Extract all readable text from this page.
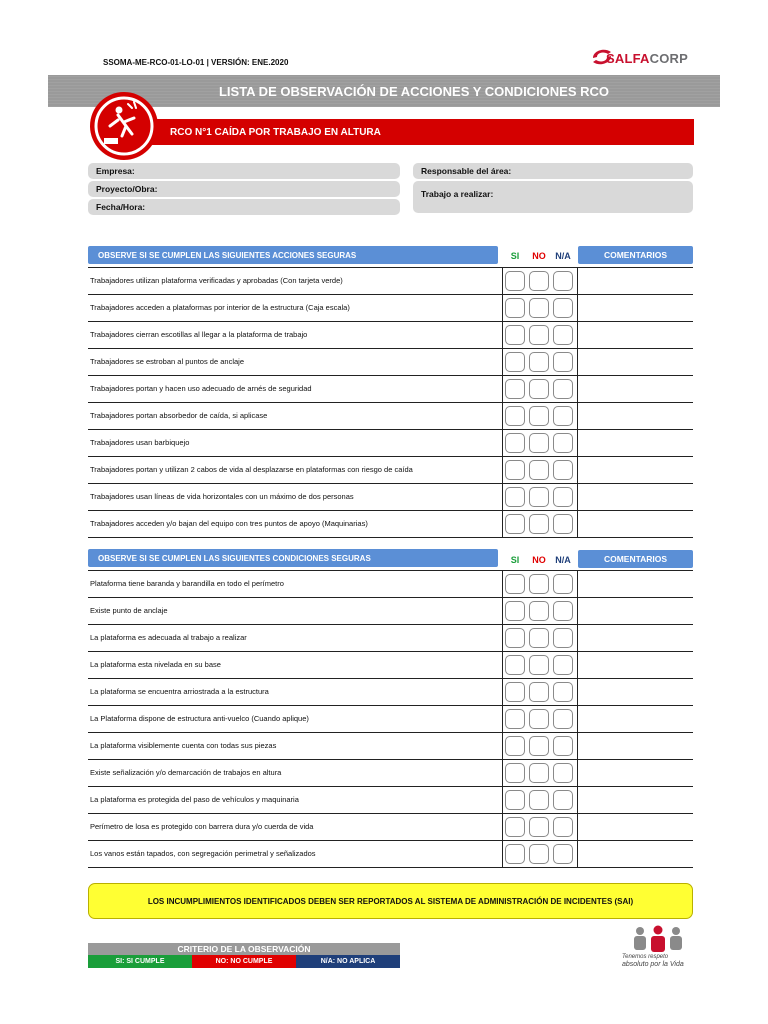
SSOMA-ME-RCO-01-LO-01 | VERSIÓN: ENE.2020	SALFACORP
LISTA DE OBSERVACIÓN DE ACCIONES Y CONDICIONES RCO
RCO N°1 CAÍDA POR TRABAJO EN ALTURA
Empresa:
Proyecto/Obra:
Fecha/Hora:
Responsable del área:
Trabajo a realizar:
OBSERVE SI SE CUMPLEN LAS SIGUIENTES ACCIONES SEGURAS	SI	NO	N/A	COMENTARIOS
Trabajadores utilizan plataforma verificadas y aprobadas (Con tarjeta verde)
Trabajadores acceden a plataformas por interior de la estructura (Caja escala)
Trabajadores cierran escotillas al llegar a la plataforma de trabajo
Trabajadores se estroban al puntos de anclaje
Trabajadores portan y hacen uso adecuado de arnés de seguridad
Trabajadores portan absorbedor de caída, si aplicase
Trabajadores usan barbiquejo
Trabajadores portan y utilizan 2 cabos de vida al desplazarse en plataformas con riesgo de caída
Trabajadores usan líneas de vida horizontales con un máximo de dos personas
Trabajadores acceden y/o bajan del equipo con tres puntos de apoyo (Maquinarias)
OBSERVE SI SE CUMPLEN LAS SIGUIENTES CONDICIONES SEGURAS	SI	NO	N/A	COMENTARIOS
Plataforma tiene baranda y barandilla en todo el perímetro
Existe punto de anclaje
La plataforma es adecuada al trabajo a realizar
La plataforma esta nivelada en su base
La plataforma se encuentra arriostrada a la estructura
La Plataforma dispone de estructura anti-vuelco (Cuando aplique)
La plataforma visiblemente cuenta con todas sus piezas
Existe señalización y/o demarcación de trabajos en altura
La plataforma es protegida del paso de vehículos y maquinaria
Perímetro de losa es protegido con barrera dura y/o cuerda de vida
Los vanos están tapados, con segregación perimetral y señalizados
LOS INCUMPLIMIENTOS IDENTIFICADOS DEBEN SER REPORTADOS AL SISTEMA DE ADMINISTRACIÓN DE INCIDENTES (SAI)
CRITERIO DE LA OBSERVACIÓN
SI: SI CUMPLE	NO: NO CUMPLE	N/A: NO APLICA
Tenemos respeto
absoluto por la Vida
